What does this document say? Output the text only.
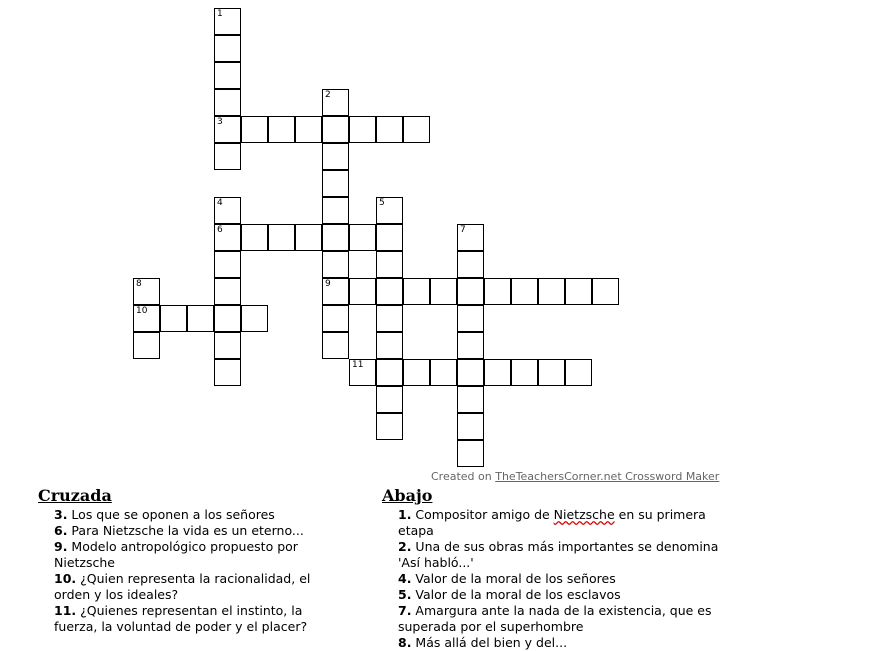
1
3
2
4	5
6	7
8	9
10
11
Created on TheTeachersCorner.net Crossword Maker
Cruzada
3. Los que se oponen a los señores
6. Para Nietzsche la vida es un eterno...
9. Modelo antropológico propuesto por Nietzsche
10. ¿Quien representa la racionalidad, el orden y los ideales?
11. ¿Quienes representan el instinto, la fuerza, la voluntad de poder y el placer?
Abajo
1. Compositor amigo de Nietzsche en su primera etapa
2. Una de sus obras más importantes se denomina 'Así habló...'
4. Valor de la moral de los señores
5. Valor de la moral de los esclavos
7. Amargura ante la nada de la existencia, que es superada por el superhombre
8. Más allá del bien y del...
